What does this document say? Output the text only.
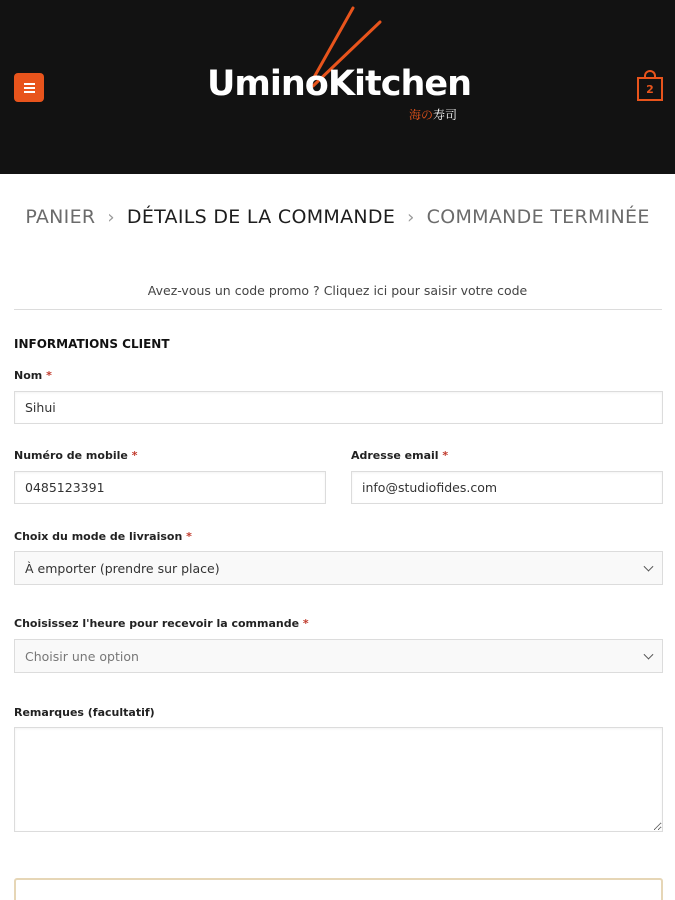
UminoKitchen
海の寿司
2
PANIER › DÉTAILS DE LA COMMANDE › COMMANDE TERMINÉE
Avez-vous un code promo ? Cliquez ici pour saisir votre code
INFORMATIONS CLIENT
Nom *
Sihui
Numéro de mobile *
0485123391	Adresse email *
info@studiofides.com
Choix du mode de livraison *
À emporter (prendre sur place)
Choisissez l'heure pour recevoir la commande *
Choisir une option
Remarques (facultatif)
